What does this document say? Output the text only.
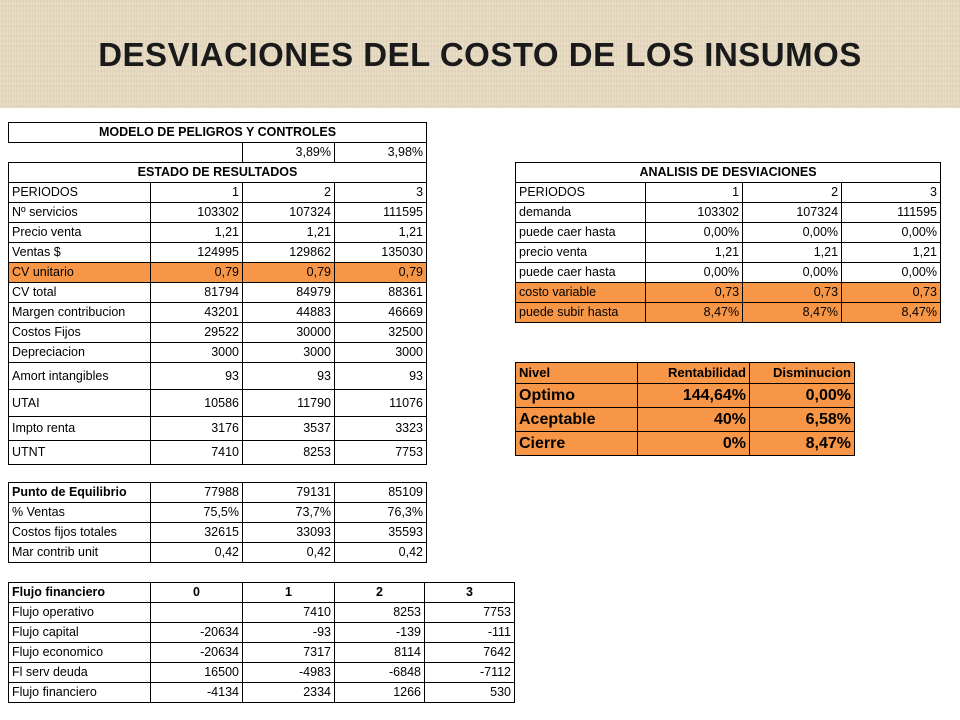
DESVIACIONES DEL COSTO DE LOS INSUMOS
MODELO DE PELIGROS Y CONTROLES			
		3,89%	3,98%
ESTADO DE RESULTADOS			
PERIODOS	1	2	3
Nº servicios	103302	107324	111595
Precio venta	1,21	1,21	1,21
Ventas $	124995	129862	135030
CV unitario	0,79	0,79	0,79
CV total	81794	84979	88361
Margen contribucion	43201	44883	46669
Costos Fijos	29522	30000	32500
Depreciacion	3000	3000	3000
Amort intangibles	93	93	93
UTAI	10586	11790	11076
Impto renta	3176	3537	3323
UTNT	7410	8253	7753
Punto de Equilibrio	77988	79131	85109
% Ventas	75,5%	73,7%	76,3%
Costos fijos totales	32615	33093	35593
Mar contrib unit	0,42	0,42	0,42
Flujo financiero	0	1	2	3
Flujo operativo		7410	8253	7753
Flujo capital	-20634	-93	-139	-111
Flujo economico	-20634	7317	8114	7642
Fl serv deuda	16500	-4983	-6848	-7112
Flujo financiero	-4134	2334	1266	530
ANALISIS DE DESVIACIONES			
PERIODOS	1	2	3
demanda	103302	107324	111595
puede caer hasta	0,00%	0,00%	0,00%
precio venta	1,21	1,21	1,21
puede caer hasta	0,00%	0,00%	0,00%
costo variable	0,73	0,73	0,73
puede subir hasta	8,47%	8,47%	8,47%
Nivel	Rentabilidad	Disminucion
Optimo	144,64%	0,00%
Aceptable	40%	6,58%
Cierre	0%	8,47%
